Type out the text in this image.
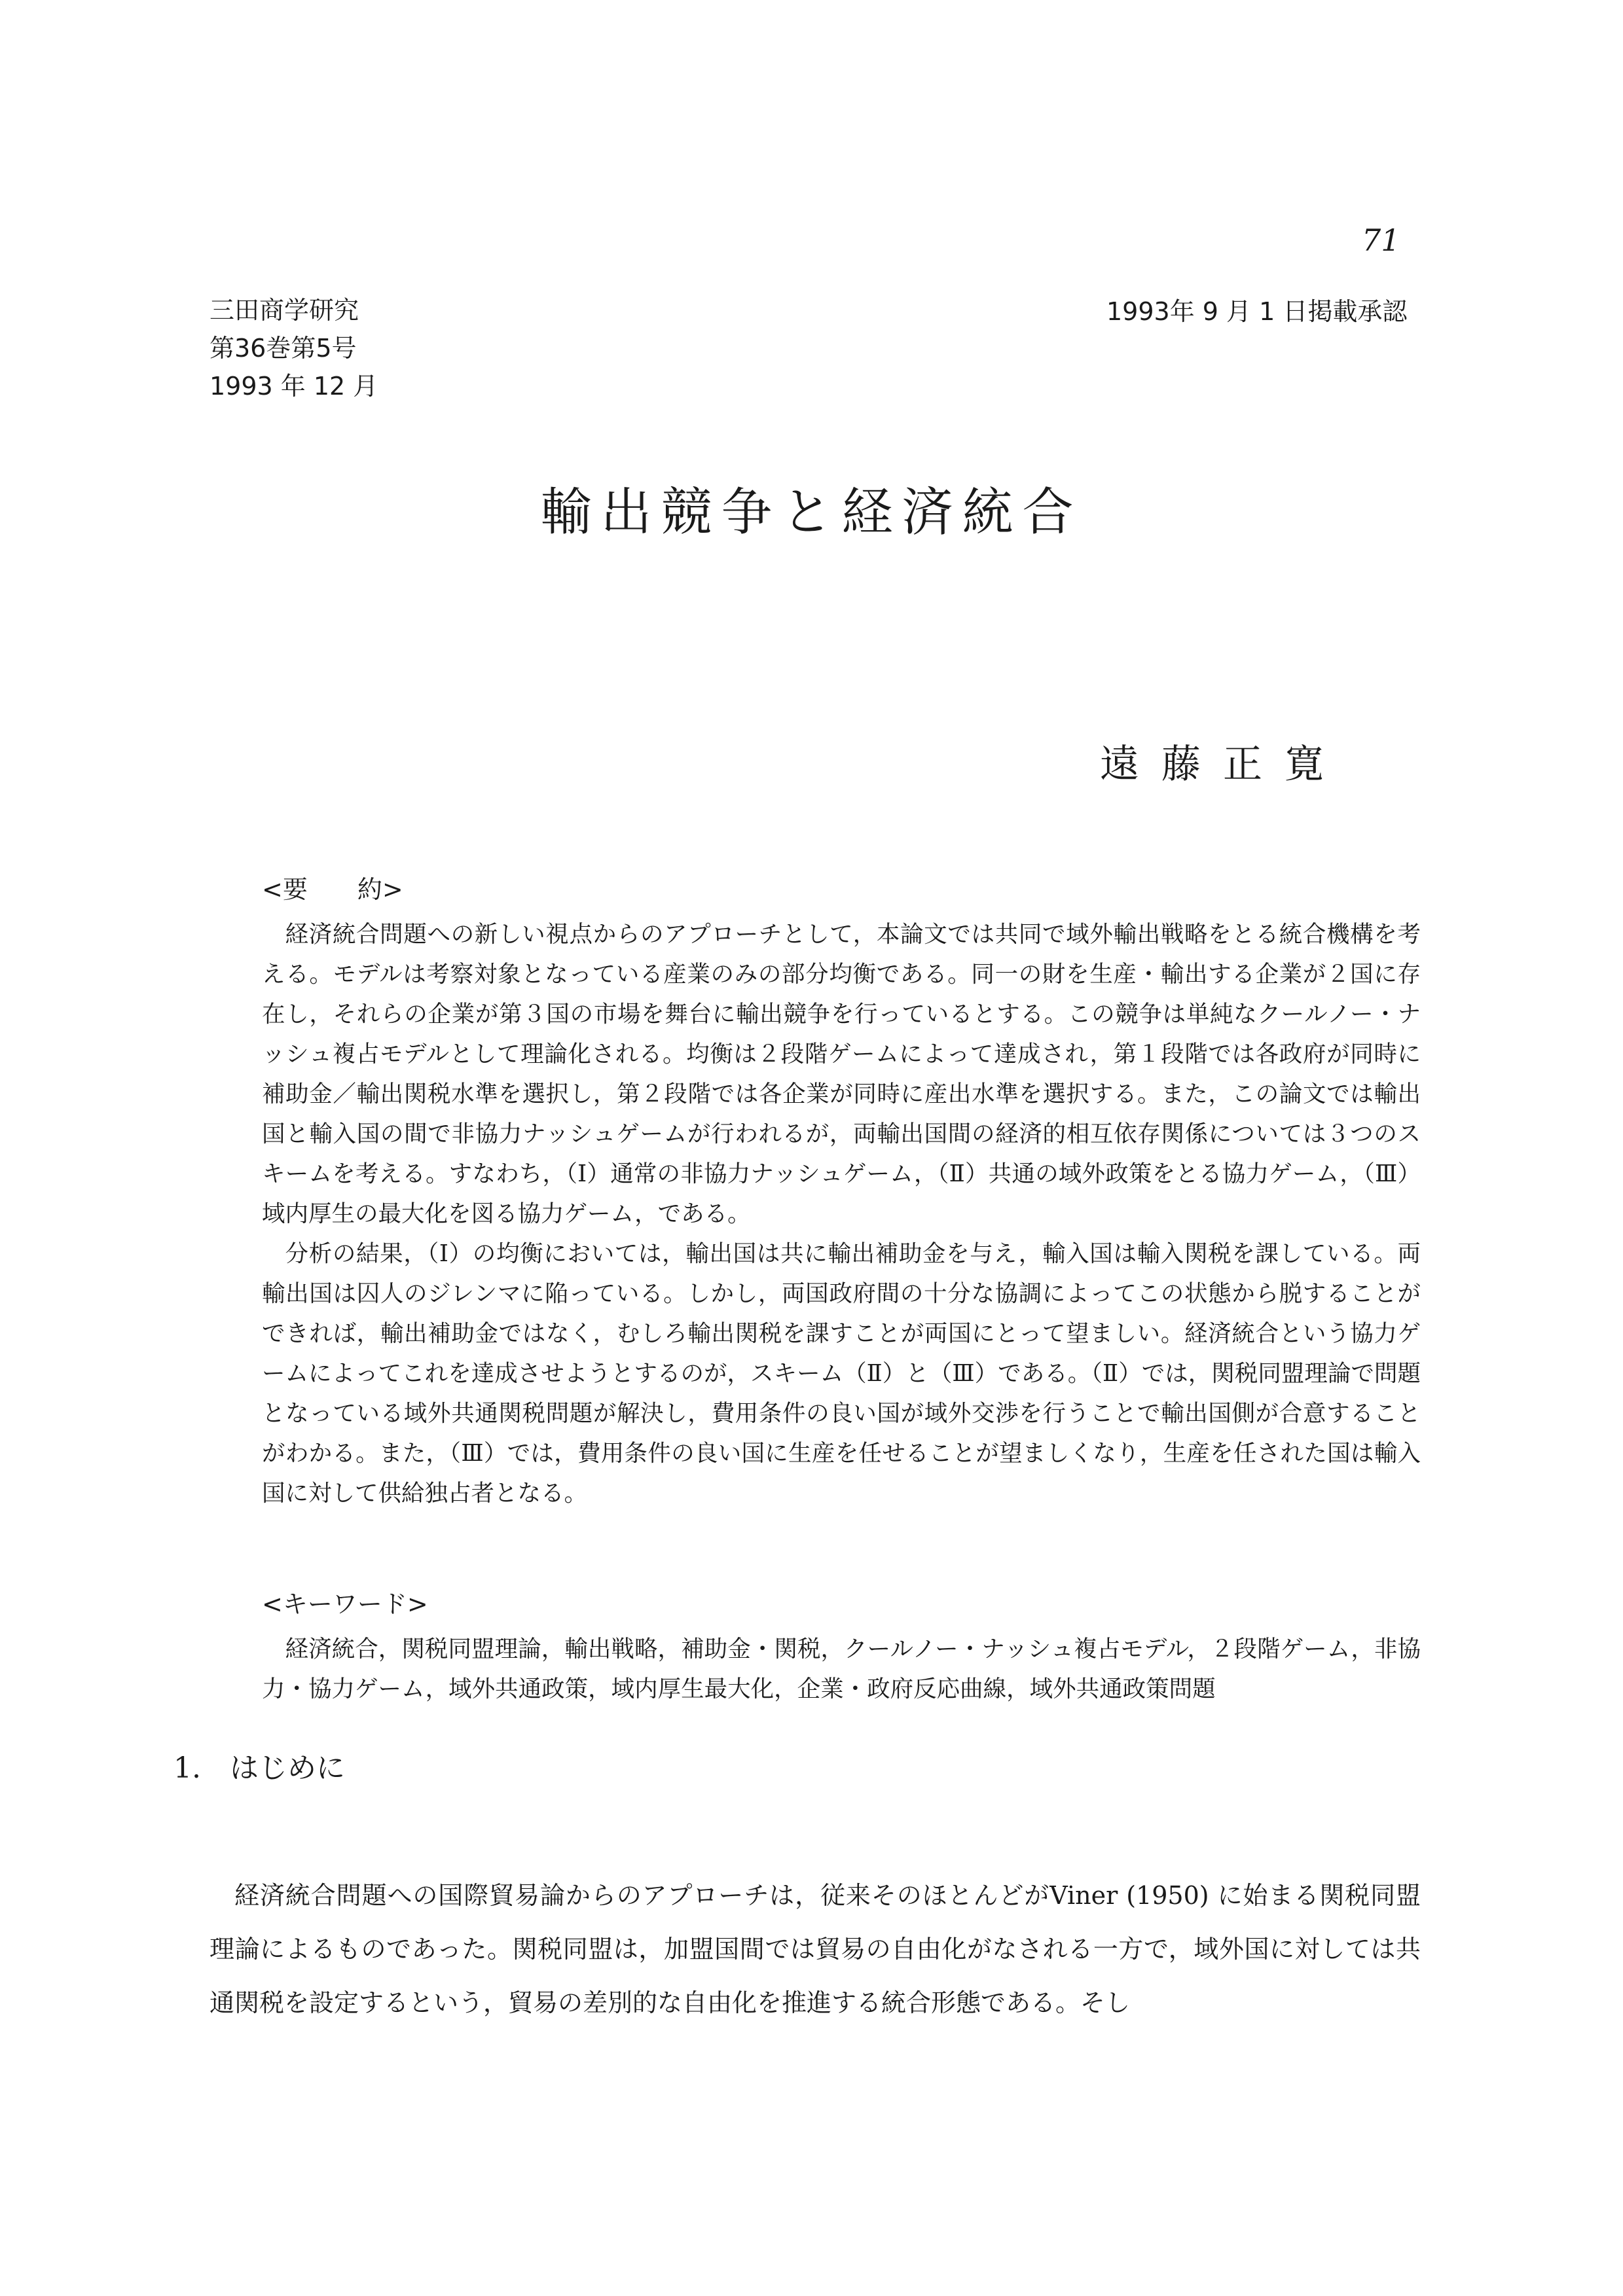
71
三田商学研究
第36巻第5号
1993 年 12 月
1993年 9 月 1 日掲載承認
輸出競争と経済統合
遠藤正寛
<要　　約>

経済統合問題への新しい視点からのアプローチとして，本論文では共同で域外輸出戦略をとる統合機構を考える。モデルは考察対象となっている産業のみの部分均衡である。同一の財を生産・輸出する企業が２国に存在し，それらの企業が第３国の市場を舞台に輸出競争を行っているとする。この競争は単純なクールノー・ナッシュ複占モデルとして理論化される。均衡は２段階ゲームによって達成され，第１段階では各政府が同時に補助金／輸出関税水準を選択し，第２段階では各企業が同時に産出水準を選択する。また，この論文では輸出国と輸入国の間で非協力ナッシュゲームが行われるが，両輸出国間の経済的相互依存関係については３つのスキームを考える。すなわち，（Ⅰ）通常の非協力ナッシュゲーム，（Ⅱ）共通の域外政策をとる協力ゲーム，（Ⅲ）域内厚生の最大化を図る協力ゲーム，である。

分析の結果，（Ⅰ）の均衡においては，輸出国は共に輸出補助金を与え，輸入国は輸入関税を課している。両輸出国は囚人のジレンマに陥っている。しかし，両国政府間の十分な協調によってこの状態から脱することができれば，輸出補助金ではなく，むしろ輸出関税を課すことが両国にとって望ましい。経済統合という協力ゲームによってこれを達成させようとするのが，スキーム（Ⅱ）と（Ⅲ）である。（Ⅱ）では，関税同盟理論で問題となっている域外共通関税問題が解決し，費用条件の良い国が域外交渉を行うことで輸出国側が合意することがわかる。また，（Ⅲ）では，費用条件の良い国に生産を任せることが望ましくなり，生産を任された国は輸入国に対して供給独占者となる。

<キーワード>

経済統合，関税同盟理論，輸出戦略，補助金・関税，クールノー・ナッシュ複占モデル，２段階ゲーム，非協力・協力ゲーム，域外共通政策，域内厚生最大化，企業・政府反応曲線，域外共通政策問題

1.　はじめに

経済統合問題への国際貿易論からのアプローチは，従来そのほとんどがViner (1950) に始まる関税同盟理論によるものであった。関税同盟は，加盟国間では貿易の自由化がなされる一方で，域外国に対しては共通関税を設定するという，貿易の差別的な自由化を推進する統合形態である。そし
